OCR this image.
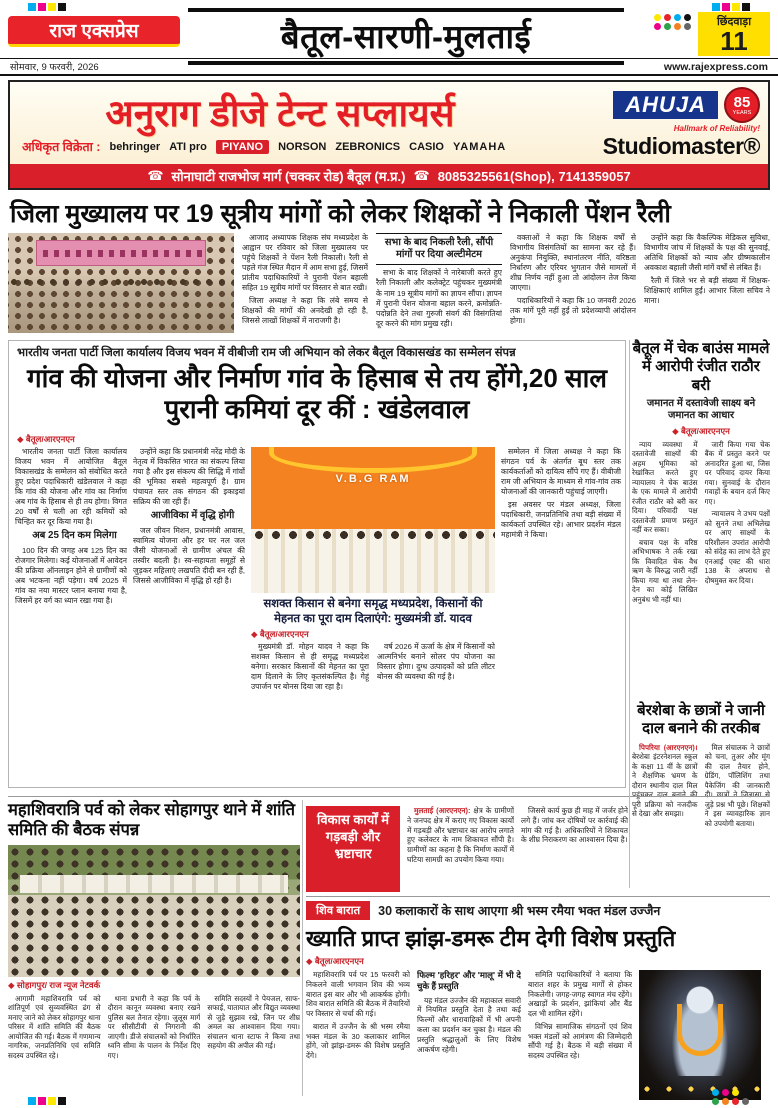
राज एक्सप्रेस	बैतूल-सारणी-मुलताई	छिंदवाड़ा
11
सोमवार, 9 फरवरी, 2026	www.rajexpress.com
अनुराग डीजे टेन्ट सप्लायर्स	AHUJA	85
YEARS
Hallmark of Reliability!
Studiomaster®
अधिकृत विक्रेता : behringer ATI pro	PIYANO	NORSON ZEBRONICS CASIO YAMAHA
☎ सोनाघाटी राजभोज मार्ग (चक्कर रोड) बैतूल (म.प्र.) ☎ 8085325561(Shop), 7141359057
जिला मुख्यालय पर 19 सूत्रीय मांगों को लेकर शिक्षकों ने निकाली पेंशन रैली

आजाद अध्यापक शिक्षक संघ मध्यप्रदेश के आह्वान पर रविवार को जिला मुख्यालय पर पहुंचे शिक्षकों ने पेंशन रैली निकाली। रैली से पहले गंज स्थित मैदान में आम सभा हुई, जिसमें प्रांतीय पदाधिकारियों ने पुरानी पेंशन बहाली सहित 19 सूत्रीय मांगों पर विस्तार से बात रखी।

जिला अध्यक्ष ने कहा कि लंबे समय से शिक्षकों की मांगों की अनदेखी हो रही है, जिससे लाखों शिक्षकों में नाराजगी है।

सभा के बाद निकली रैली, सौंपी मांगों पर दिया अल्टीमेटम

सभा के बाद शिक्षकों ने नारेबाजी करते हुए रैली निकाली और कलेक्ट्रेट पहुंचकर मुख्यमंत्री के नाम 19 सूत्रीय मांगों का ज्ञापन सौंपा। ज्ञापन में पुरानी पेंशन योजना बहाल करने, क्रमोन्नति-पदोन्नति देने तथा गुरुजी संवर्ग की विसंगतियां दूर करने की मांग प्रमुख रही।

वक्ताओं ने कहा कि शिक्षक वर्षों से विभागीय विसंगतियों का सामना कर रहे हैं। अनुकंपा नियुक्ति, स्थानांतरण नीति, वरिष्ठता निर्धारण और एरियर भुगतान जैसे मामलों में शीघ्र निर्णय नहीं हुआ तो आंदोलन तेज किया जाएगा।

पदाधिकारियों ने कहा कि 10 जनवरी 2026 तक मांगें पूरी नहीं हुईं तो प्रदेशव्यापी आंदोलन होगा।

उन्होंने कहा कि वैकल्पिक मेडिकल सुविधा, विभागीय जांच में शिक्षकों के पक्ष की सुनवाई, अतिथि शिक्षकों को न्याय और ग्रीष्मकालीन अवकाश बहाली जैसी मांगें वर्षों से लंबित हैं।

रैली में जिले भर से बड़ी संख्या में शिक्षक-शिक्षिकाएं शामिल हुईं। आभार जिला सचिव ने माना।

भारतीय जनता पार्टी जिला कार्यालय विजय भवन में वीबीजी राम जी अभियान को लेकर बैतूल विकासखंड का सम्मेलन संपन्न
गांव की योजना और निर्माण गांव के हिसाब से तय होंगे,20 साल पुरानी कमियां दूर कीं : खंडेलवाल
◆ बैतूल/आरएनएन

भारतीय जनता पार्टी जिला कार्यालय विजय भवन में आयोजित बैतूल विकासखंड के सम्मेलन को संबोधित करते हुए प्रदेश पदाधिकारी खंडेलवाल ने कहा कि गांव की योजना और गांव का निर्माण अब गांव के हिसाब से ही तय होगा। विगत 20 वर्षों से चली आ रही कमियों को चिन्हित कर दूर किया गया है।

अब 25 दिन कम मिलेगा

100 दिन की जगह अब 125 दिन का रोजगार मिलेगा। कई योजनाओं में आवेदन की प्रक्रिया ऑनलाइन होने से ग्रामीणों को अब भटकना नहीं पड़ेगा। वर्ष 2025 में गांव का नया मास्टर प्लान बनाया गया है, जिसमें हर वर्ग का ध्यान रखा गया है।

उन्होंने कहा कि प्रधानमंत्री नरेंद्र मोदी के नेतृत्व में विकसित भारत का संकल्प लिया गया है और इस संकल्प की सिद्धि में गांवों की भूमिका सबसे महत्वपूर्ण है। ग्राम पंचायत स्तर तक संगठन की इकाइयां सक्रिय की जा रही हैं।

आजीविका में वृद्धि होगी

जल जीवन मिशन, प्रधानमंत्री आवास, स्वामित्व योजना और हर घर नल जल जैसी योजनाओं से ग्रामीण अंचल की तस्वीर बदली है। स्व-सहायता समूहों से जुड़कर महिलाएं लखपति दीदी बन रही हैं, जिससे आजीविका में वृद्धि हो रही है।

V.B.G RAM
सशक्त किसान से बनेगा समृद्ध मध्यप्रदेश, किसानों की मेहनत का पूरा दाम दिलाएंगे: मुख्यमंत्री डॉ. यादव
◆ बैतूल/आरएनएन

मुख्यमंत्री डॉ. मोहन यादव ने कहा कि सशक्त किसान से ही समृद्ध मध्यप्रदेश बनेगा। सरकार किसानों की मेहनत का पूरा दाम दिलाने के लिए कृतसंकल्पित है। गेहूं उपार्जन पर बोनस दिया जा रहा है।

वर्ष 2026 में ऊर्जा के क्षेत्र में किसानों को आत्मनिर्भर बनाने सोलर पंप योजना का विस्तार होगा। दुग्ध उत्पादकों को प्रति लीटर बोनस की व्यवस्था की गई है।

सम्मेलन में जिला अध्यक्ष ने कहा कि संगठन पर्व के अंतर्गत बूथ स्तर तक कार्यकर्ताओं को दायित्व सौंपे गए हैं। वीबीजी राम जी अभियान के माध्यम से गांव-गांव तक योजनाओं की जानकारी पहुंचाई जाएगी।

इस अवसर पर मंडल अध्यक्ष, जिला पदाधिकारी, जनप्रतिनिधि तथा बड़ी संख्या में कार्यकर्ता उपस्थित रहे। आभार प्रदर्शन मंडल महामंत्री ने किया।

बैतूल में चेक बाउंस मामले में आरोपी रंजीत राठौर बरी
जमानत में दस्तावेजी साक्ष्य बने जमानत का आधार
◆ बैतूल/आरएनएन

न्याय व्यवस्था में दस्तावेजी साक्ष्यों की अहम भूमिका को रेखांकित करते हुए न्यायालय ने चेक बाउंस के एक मामले में आरोपी रंजीत राठौर को बरी कर दिया। परिवादी पक्ष दस्तावेजी प्रमाण प्रस्तुत नहीं कर सका।

बचाव पक्ष के वरिष्ठ अभिभाषक ने तर्क रखा कि विवादित चेक वैध ऋण के विरुद्ध जारी नहीं किया गया था तथा लेन-देन का कोई लिखित अनुबंध भी नहीं था।

जारी किया गया चेक बैंक में प्रस्तुत करने पर अनादरित हुआ था, जिस पर परिवाद दायर किया गया। सुनवाई के दौरान गवाहों के बयान दर्ज किए गए।

न्यायालय ने उभय पक्षों को सुनने तथा अभिलेख पर आए साक्ष्यों के परिशीलन उपरांत आरोपी को संदेह का लाभ देते हुए एनआई एक्ट की धारा 138 के अपराध से दोषमुक्त कर दिया।

बेरशेबा के छात्रों ने जानी दाल बनाने की तरकीब

पिपरिया (आरएनएन)। बेरशेबा इंटरनेशनल स्कूल के कक्षा 11 वीं के छात्रों ने शैक्षणिक भ्रमण के दौरान स्थानीय दाल मिल पहुंचकर दाल बनाने की पूरी प्रक्रिया को नजदीक से देखा और समझा।

मिल संचालक ने छात्रों को चना, तुअर और मूंग की दाल तैयार होने, ग्रेडिंग, पॉलिशिंग तथा पैकेजिंग की जानकारी दी। छात्रों ने जिज्ञासा से जुड़े प्रश्न भी पूछे। शिक्षकों ने इस व्यावहारिक ज्ञान को उपयोगी बताया।

विकास कार्यों में गड़बड़ी और भ्रष्टाचार

मुलताई (आरएनएन): क्षेत्र के ग्रामीणों ने जनपद क्षेत्र में कराए गए विकास कार्यों में गड़बड़ी और भ्रष्टाचार का आरोप लगाते हुए कलेक्टर के नाम शिकायत सौंपी है। ग्रामीणों का कहना है कि निर्माण कार्यों में घटिया सामग्री का उपयोग किया गया।

जिससे कार्य कुछ ही माह में जर्जर होने लगे हैं। जांच कर दोषियों पर कार्रवाई की मांग की गई है। अधिकारियों ने शिकायत के शीघ्र निराकरण का आश्वासन दिया है।

शिव बारात	30 कलाकारों के साथ आएगा श्री भस्म रमैया भक्त मंडल उज्जैन
ख्याति प्राप्त झांझ-डमरू टीम देगी विशेष प्रस्तुति
◆ बैतूल/आरएनएन

महाशिवरात्रि पर्व पर 15 फरवरी को निकलने वाली भगवान शिव की भव्य बारात इस बार और भी आकर्षक होगी। शिव बारात समिति की बैठक में तैयारियों पर विस्तार से चर्चा की गई।

बारात में उज्जैन के श्री भस्म रमैया भक्त मंडल के 30 कलाकार शामिल होंगे, जो झांझ-डमरू की विशेष प्रस्तुति देंगे।

फिल्म 'हरिहर' और 'मालू' में भी दे चुके हैं प्रस्तुति

यह मंडल उज्जैन की महाकाल सवारी में नियमित प्रस्तुति देता है तथा कई फिल्मों और धारावाहिकों में भी अपनी कला का प्रदर्शन कर चुका है। मंडल की प्रस्तुति श्रद्धालुओं के लिए विशेष आकर्षण रहेगी।

समिति पदाधिकारियों ने बताया कि बारात शहर के प्रमुख मार्गों से होकर निकलेगी। जगह-जगह स्वागत मंच रहेंगे। अखाड़ों के प्रदर्शन, झांकियां और बैंड दल भी शामिल रहेंगे।

विभिन्न सामाजिक संगठनों एवं शिव भक्त मंडलों को आमंत्रण की जिम्मेदारी सौंपी गई है। बैठक में बड़ी संख्या में सदस्य उपस्थित रहे।

महाशिवरात्रि पर्व को लेकर सोहागपुर थाने में शांति समिति की बैठक संपन्न
◆ सोहागपुर/ राज न्यूज नेटवर्क

आगामी महाशिवरात्रि पर्व को शांतिपूर्ण एवं सुव्यवस्थित ढंग से मनाए जाने को लेकर सोहागपुर थाना परिसर में शांति समिति की बैठक आयोजित की गई। बैठक में गणमान्य नागरिक, जनप्रतिनिधि एवं समिति सदस्य उपस्थित रहे।

थाना प्रभारी ने कहा कि पर्व के दौरान कानून व्यवस्था बनाए रखने पुलिस बल तैनात रहेगा। जुलूस मार्ग पर सीसीटीवी से निगरानी की जाएगी। डीजे संचालकों को निर्धारित ध्वनि सीमा के पालन के निर्देश दिए गए।

समिति सदस्यों ने पेयजल, साफ-सफाई, यातायात और विद्युत व्यवस्था से जुड़े सुझाव रखे, जिन पर शीघ्र अमल का आश्वासन दिया गया। संचालन थाना स्टाफ ने किया तथा सहयोग की अपील की गई।
